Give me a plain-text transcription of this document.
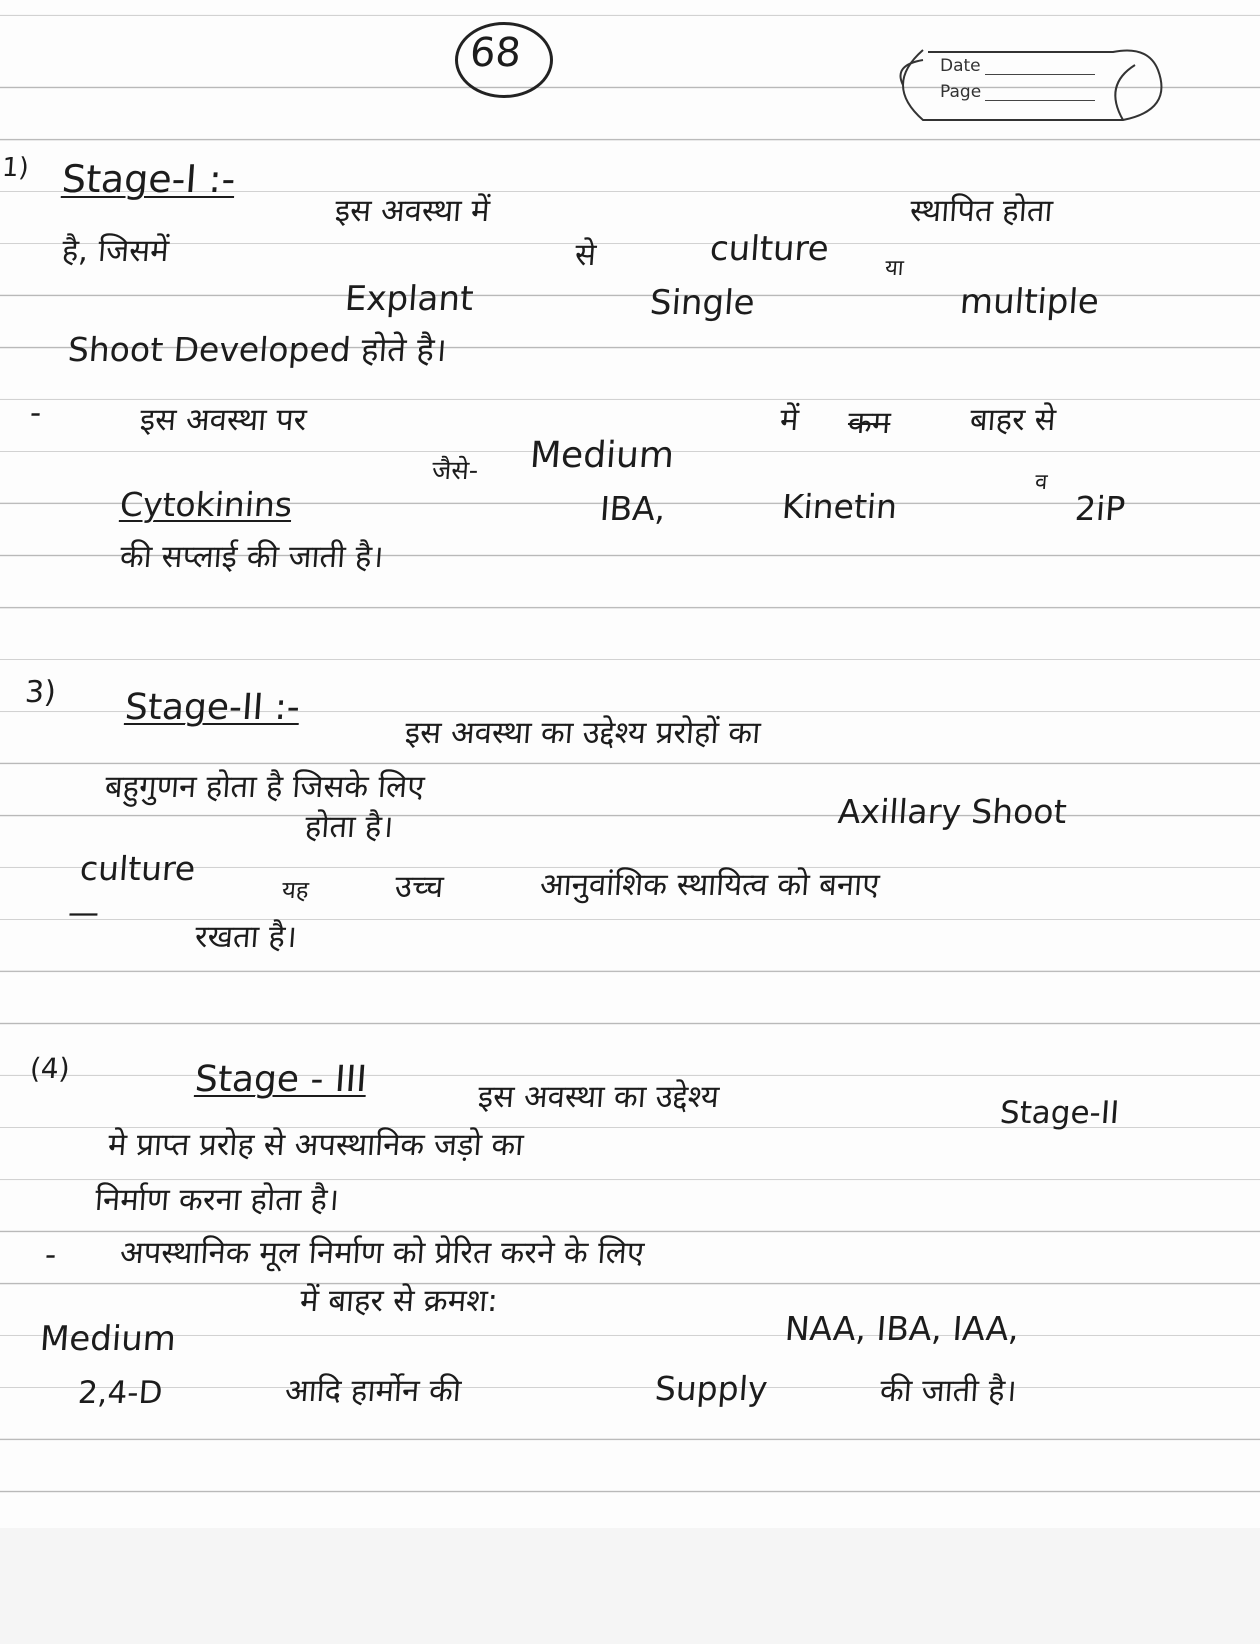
68	Date
Page
1) Stage-I :-
इस अवस्था में	स्थापित होता
है, जिसमें	से	culture या
Explant	Single	multiple
Shoot Developed होते है।
-	इस अवस्था पर	में कम बाहर से
जैसे- Medium
Cytokinins	IBA,	Kinetin
व
2iP
की सप्लाई की जाती है।
3) Stage-II :-
इस अवस्था का उद्देश्य प्ररोहों का
बहुगुणन होता है जिसके लिए
होता है।	Axillary Shoot
culture
यह	उच्च	आनुवांशिक स्थायित्व को बनाए
—
रखता है।
(4)	Stage - III	इस अवस्था का उद्देश्य	Stage-II
मे प्राप्त प्ररोह से अपस्थानिक जड़ो का
निर्माण करना होता है।
- अपस्थानिक मूल निर्माण को प्रेरित करने के लिए
में बाहर से क्रमश:
Medium	NAA, IBA, IAA,
2,4-D	आदि हार्मोन की	Supply	की जाती है।
